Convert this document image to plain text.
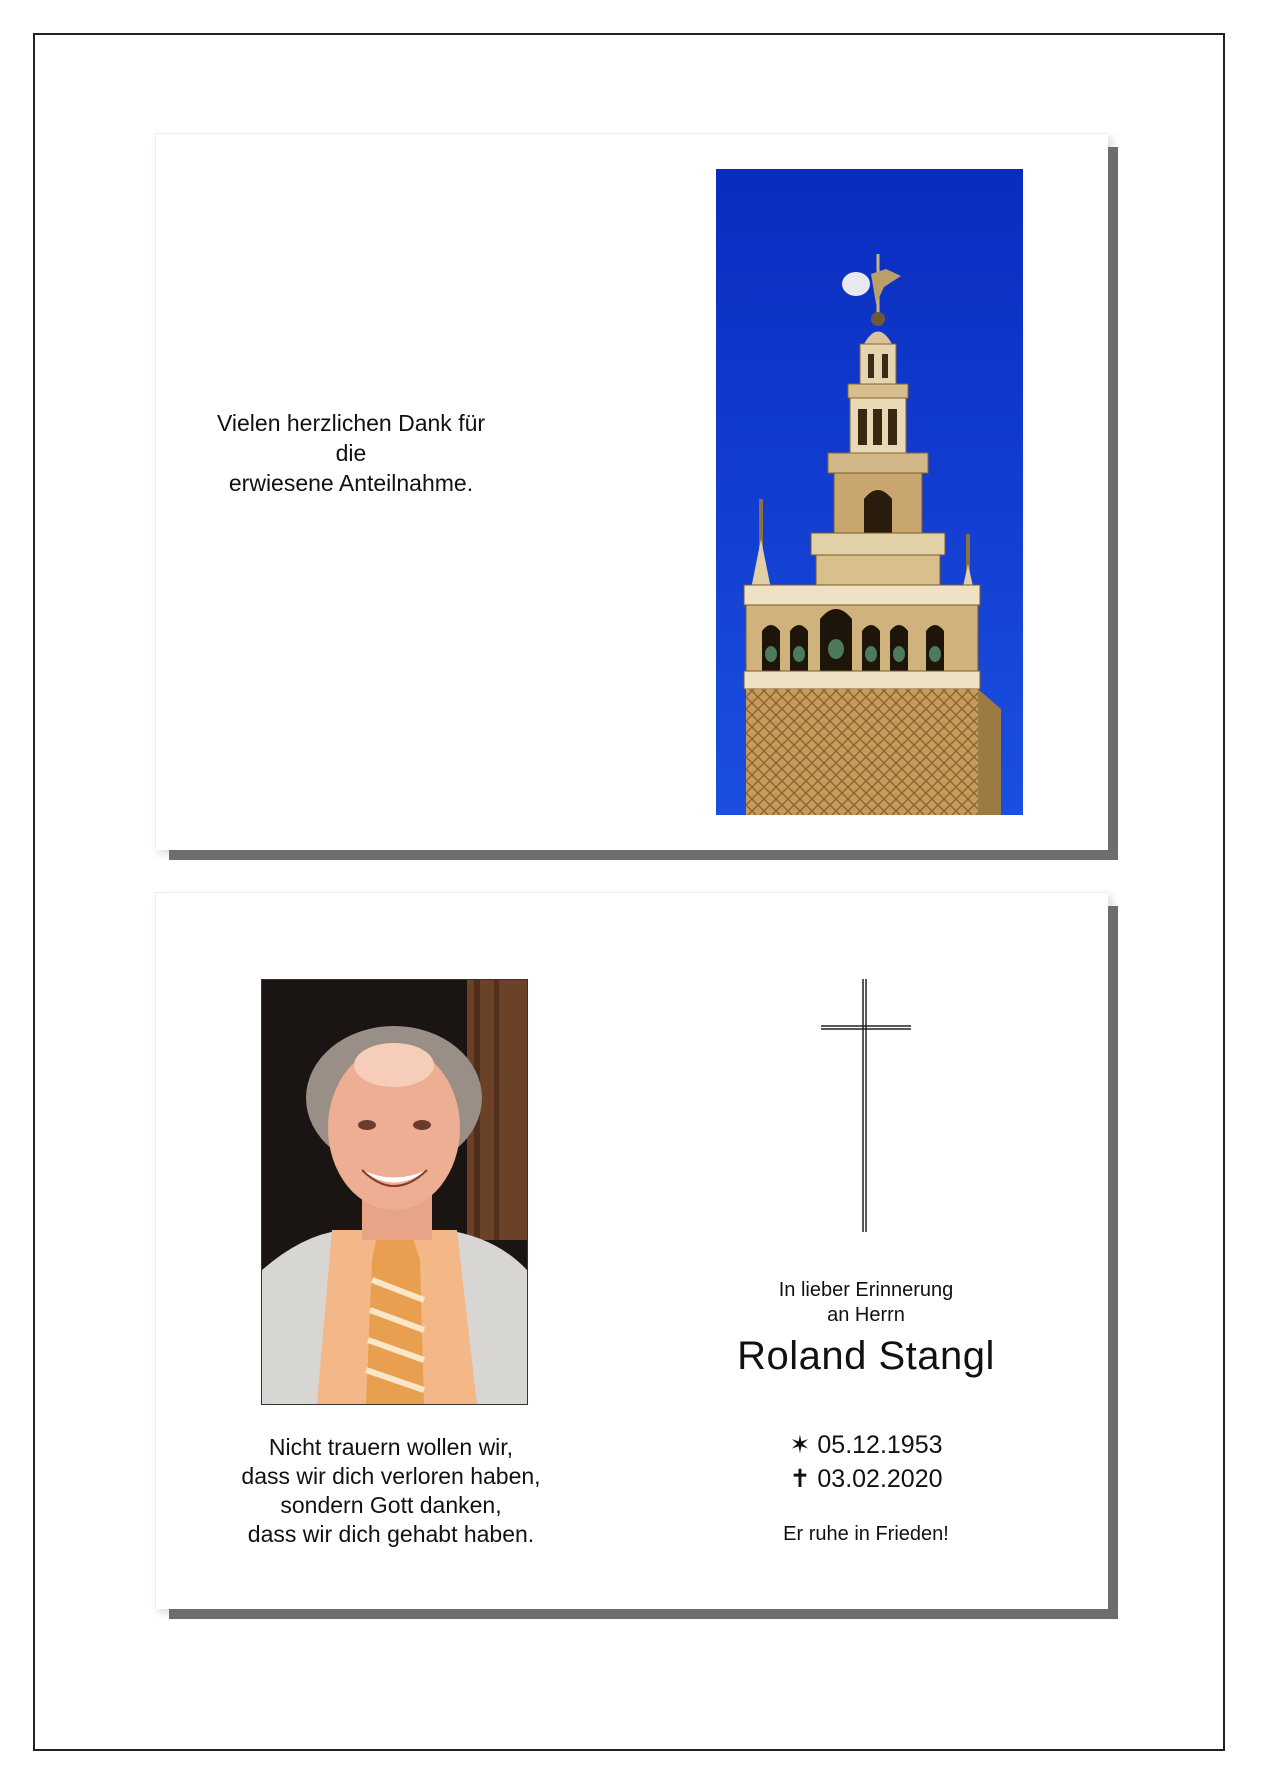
Vielen herzlichen Dank für die
erwiesene Anteilnahme.
Nicht trauern wollen wir,
dass wir dich verloren haben,
sondern Gott danken,
dass wir dich gehabt haben.
In lieber Erinnerung
an Herrn
Roland Stangl
✶ 05.12.1953
✝ 03.02.2020
Er ruhe in Frieden!
